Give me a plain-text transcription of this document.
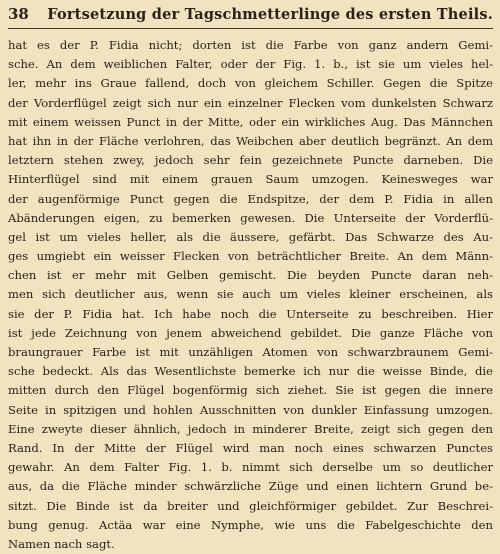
38	Fortsetzung der Tagschmetterlinge des ersten Theils.
hat es der P. Fidia nicht; dorten ist die Farbe von ganz andern Gemi-
sche. An dem weiblichen Falter, oder der Fig. 1. b., ist sie um vieles hel-
ler, mehr ins Graue fallend, doch von gleichem Schiller. Gegen die Spitze
der Vorderflügel zeigt sich nur ein einzelner Flecken vom dunkelsten Schwarz
mit einem weissen Punct in der Mitte, oder ein wirkliches Aug. Das Männchen
hat ihn in der Fläche verlohren, das Weibchen aber deutlich begränzt. An dem
letztern stehen zwey, jedoch sehr fein gezeichnete Puncte darneben. Die
Hinterflügel sind mit einem grauen Saum umzogen. Keinesweges war
der augenförmige Punct gegen die Endspitze, der dem P. Fidia in allen
Abänderungen eigen, zu bemerken gewesen. Die Unterseite der Vorderflü-
gel ist um vieles heller, als die äussere, gefärbt. Das Schwarze des Au-
ges umgiebt ein weisser Flecken von beträchtlicher Breite. An dem Männ-
chen ist er mehr mit Gelben gemischt. Die beyden Puncte daran neh-
men sich deutlicher aus, wenn sie auch um vieles kleiner erscheinen, als
sie der P. Fidia hat. Ich habe noch die Unterseite zu beschreiben. Hier
ist jede Zeichnung von jenem abweichend gebildet. Die ganze Fläche von
braungrauer Farbe ist mit unzähligen Atomen von schwarzbraunem Gemi-
sche bedeckt. Als das Wesentlichste bemerke ich nur die weisse Binde, die
mitten durch den Flügel bogenförmig sich ziehet. Sie ist gegen die innere
Seite in spitzigen und hohlen Ausschnitten von dunkler Einfassung umzogen.
Eine zweyte dieser ähnlich, jedoch in minderer Breite, zeigt sich gegen den
Rand. In der Mitte der Flügel wird man noch eines schwarzen Punctes
gewahr. An dem Falter Fig. 1. b. nimmt sich derselbe um so deutlicher
aus, da die Fläche minder schwärzliche Züge und einen lichtern Grund be-
sitzt. Die Binde ist da breiter und gleichförmiger gebildet. Zur Beschrei-
bung genug. Actäa war eine Nymphe, wie uns die Fabelgeschichte den
Namen nach sagt.
